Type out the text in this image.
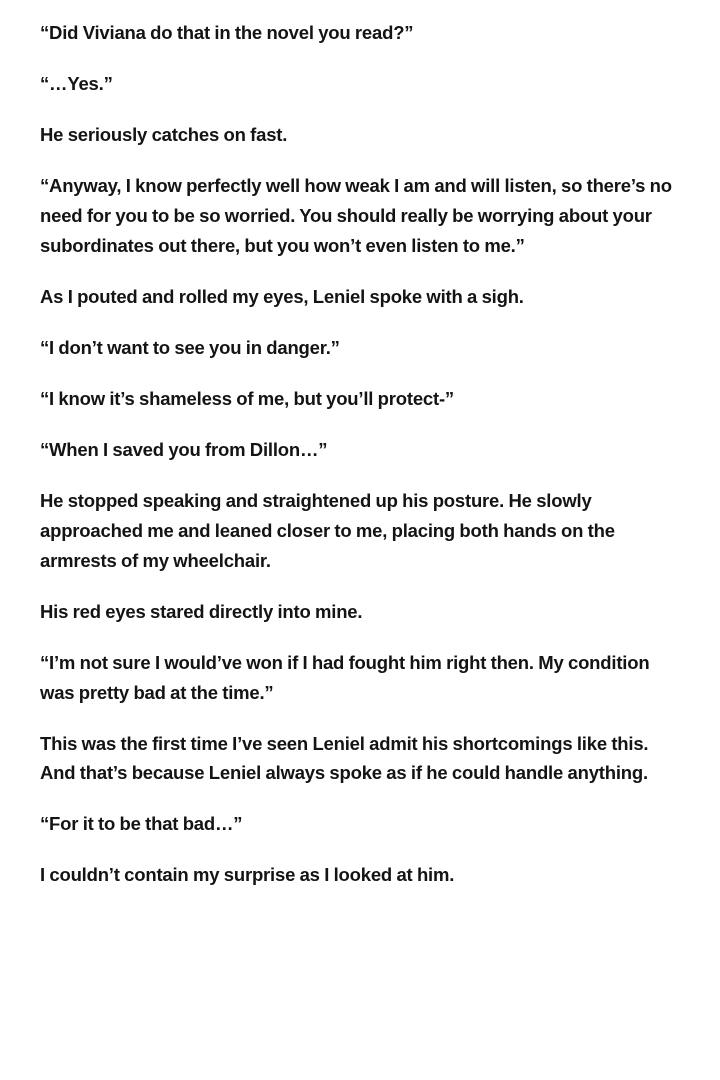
“Did Viviana do that in the novel you read?”

“…Yes.”

He seriously catches on fast.

“Anyway, I know perfectly well how weak I am and will listen, so there’s no need for you to be so worried. You should really be worrying about your subordinates out there, but you won’t even listen to me.”

As I pouted and rolled my eyes, Leniel spoke with a sigh.

“I don’t want to see you in danger.”

“I know it’s shameless of me, but you’ll protect-”

“When I saved you from Dillon…”

He stopped speaking and straightened up his posture. He slowly approached me and leaned closer to me, placing both hands on the armrests of my wheelchair.

His red eyes stared directly into mine.

“I’m not sure I would’ve won if I had fought him right then. My condition was pretty bad at the time.”

This was the first time I’ve seen Leniel admit his shortcomings like this. And that’s because Leniel always spoke as if he could handle anything.

“For it to be that bad…”

I couldn’t contain my surprise as I looked at him.
